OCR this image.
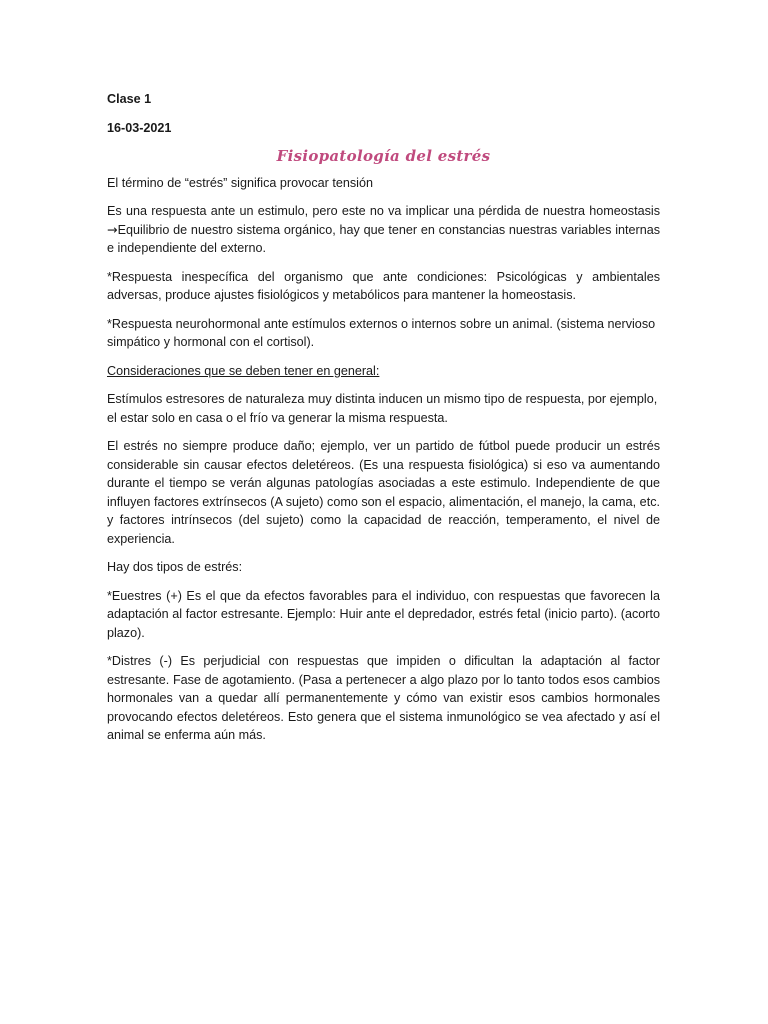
Clase 1
16-03-2021
Fisiopatología del estrés

El término de “estrés” significa provocar tensión

Es una respuesta ante un estimulo, pero este no va implicar una pérdida de nuestra homeostasis →Equilibrio de nuestro sistema orgánico, hay que tener en constancias nuestras variables internas e independiente del externo.

*Respuesta inespecífica del organismo que ante condiciones: Psicológicas y ambientales adversas, produce ajustes fisiológicos y metabólicos para mantener la homeostasis.

*Respuesta neurohormonal ante estímulos externos o internos sobre un animal. (sistema nervioso simpático y hormonal con el cortisol).

Consideraciones que se deben tener en general:

Estímulos estresores de naturaleza muy distinta inducen un mismo tipo de respuesta, por ejemplo, el estar solo en casa o el frío va generar la misma respuesta.

El estrés no siempre produce daño; ejemplo, ver un partido de fútbol puede producir un estrés considerable sin causar efectos deletéreos. (Es una respuesta fisiológica) si eso va aumentando durante el tiempo se verán algunas patologías asociadas a este estimulo. Independiente de que influyen factores extrínsecos (A sujeto) como son el espacio, alimentación, el manejo, la cama, etc. y factores intrínsecos (del sujeto) como la capacidad de reacción, temperamento, el nivel de experiencia.

Hay dos tipos de estrés:

*Euestres (+) Es el que da efectos favorables para el individuo, con respuestas que favorecen la adaptación al factor estresante. Ejemplo: Huir ante el depredador, estrés fetal (inicio parto). (acorto plazo).

*Distres (-) Es perjudicial con respuestas que impiden o dificultan la adaptación al factor estresante. Fase de agotamiento. (Pasa a pertenecer a algo plazo por lo tanto todos esos cambios hormonales van a quedar allí permanentemente y cómo van existir esos cambios hormonales provocando efectos deletéreos. Esto genera que el sistema inmunológico se vea afectado y así el animal se enferma aún más.
